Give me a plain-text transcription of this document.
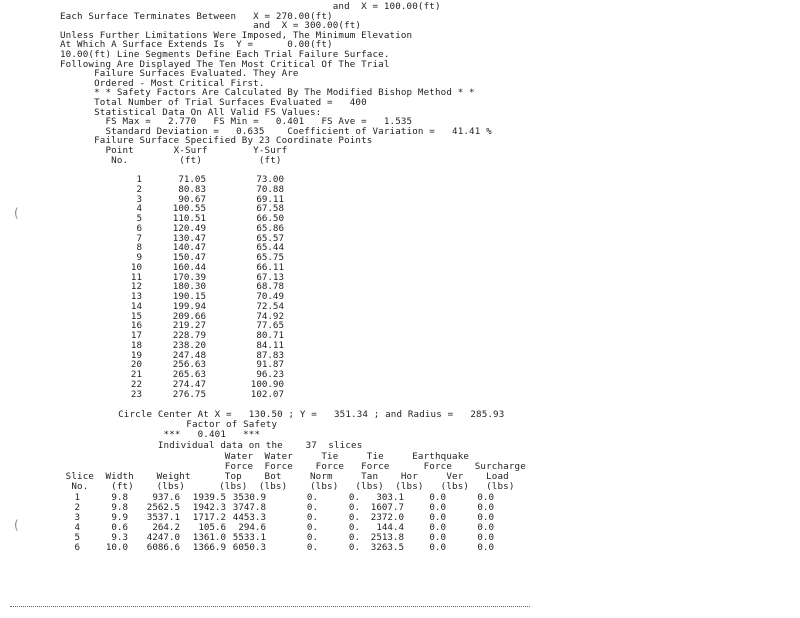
and  X = 100.00(ft)
Each Surface Terminates Between   X = 270.00(ft)
and  X = 300.00(ft)
Unless Further Limitations Were Imposed, The Minimum Elevation
At Which A Surface Extends Is  Y =      0.00(ft)
10.00(ft) Line Segments Define Each Trial Failure Surface.
Following Are Displayed The Ten Most Critical Of The Trial
Failure Surfaces Evaluated. They Are
Ordered - Most Critical First.
* * Safety Factors Are Calculated By The Modified Bishop Method * *
Total Number of Trial Surfaces Evaluated =   400
Statistical Data On All Valid FS Values:
FS Max =   2.770   FS Min =   0.401   FS Ave =   1.535
Standard Deviation =   0.635    Coefficient of Variation =   41.41 %
Failure Surface Specified By 23 Coordinate Points
Point       X-Surf        Y-Surf
No.         (ft)          (ft)
1	71.05	73.00
2	80.83	70.88
3	90.67	69.11
4	100.55	67.58
5	110.51	66.50
6	120.49	65.86
7	130.47	65.57
8	140.47	65.44
9	150.47	65.75
10	160.44	66.11
11	170.39	67.13
12	180.30	68.78
13	190.15	70.49
14	199.94	72.54
15	209.66	74.92
16	219.27	77.65
17	228.79	80.71
18	238.20	84.11
19	247.48	87.83
20	256.63	91.87
21	265.63	96.23
22	274.47	100.90
23	276.75	102.07
Circle Center At X =   130.50 ; Y =   351.34 ; and Radius =   285.93
Factor of Safety
***   0.401   ***
Individual data on the    37  slices
Water  Water     Tie     Tie     Earthquake
Force  Force    Force   Force      Force    Surcharge
Slice  Width    Weight      Top    Bot     Norm     Tan    Hor     Ver    Load
No.    (ft)    (lbs)      (lbs)  (lbs)    (lbs)   (lbs)  (lbs)   (lbs)   (lbs)
1	9.8	937.6	1939.5 3530.9	0.	0.	303.1	0.0	0.0
2	9.8	2562.5	1942.3 3747.8	0.	0.	1607.7	0.0	0.0
3	9.9	3537.1	1717.2 4453.3	0.	0.	2372.0	0.0	0.0
4	0.6	264.2	105.6	294.6	0.	0.	144.4	0.0	0.0
5	9.3	4247.0	1361.0 5533.1	0.	0.	2513.8	0.0	0.0
6	10.0	6086.6	1366.9 6050.3	0.	0.	3263.5	0.0	0.0
(
(
